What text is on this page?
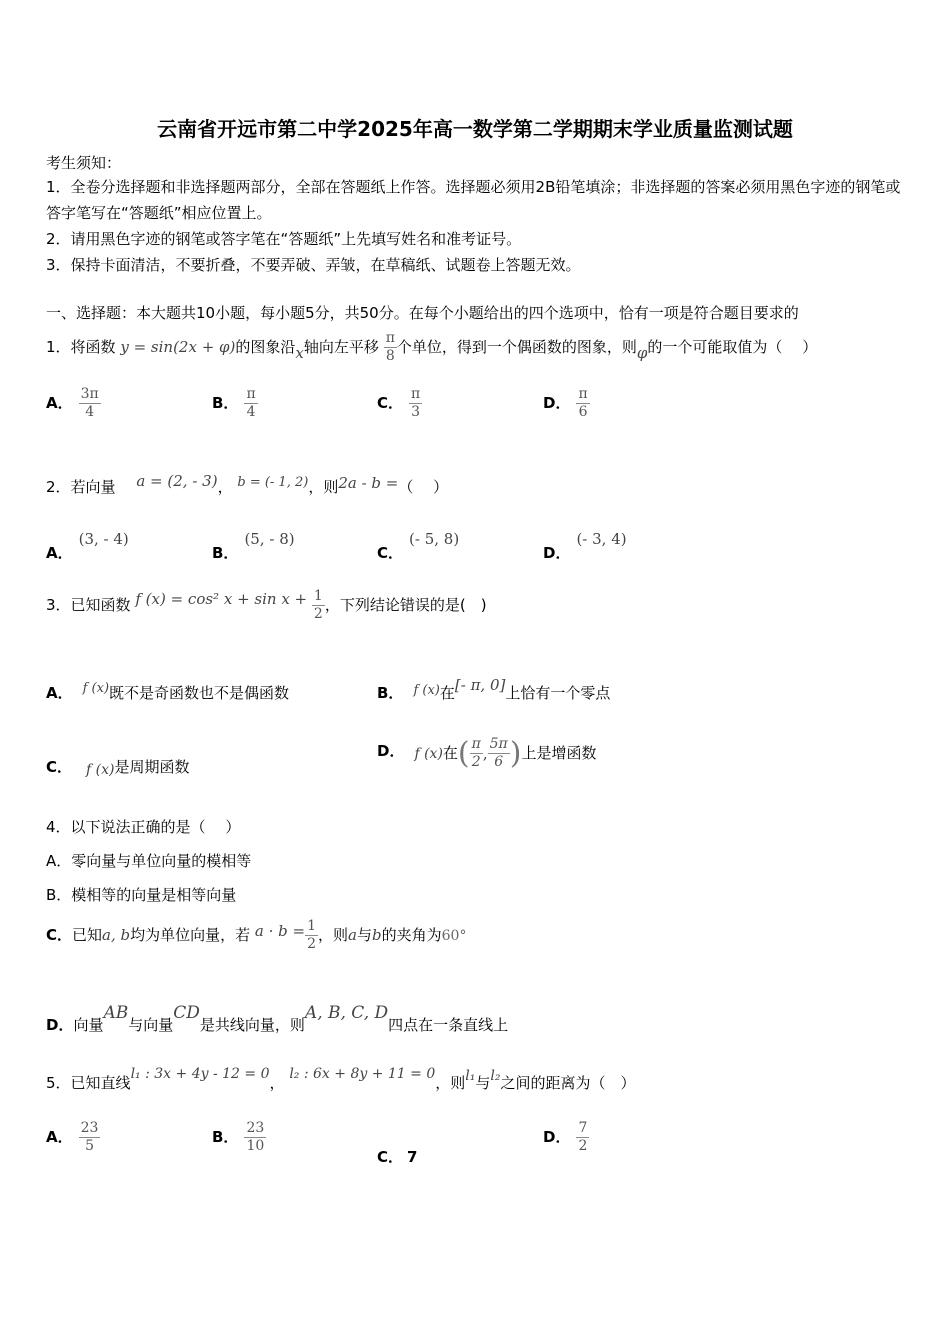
云南省开远市第二中学2025年高一数学第二学期期末学业质量监测试题
考生须知：
1．全卷分选择题和非选择题两部分，全部在答题纸上作答。选择题必须用2B铅笔填涂；非选择题的答案必须用黑色字迹的钢笔或答字笔写在“答题纸”相应位置上。
2．请用黑色字迹的钢笔或答字笔在“答题纸”上先填写姓名和准考证号。
3．保持卡面清洁，不要折叠，不要弄破、弄皱，在草稿纸、试题卷上答题无效。
一、选择题：本大题共10小题，每小题5分，共50分。在每个小题给出的四个选项中，恰有一项是符合题目要求的
1．将函数 y = sin(2x + φ)的图象沿x轴向左平移 $\frac{\pi}{8}$ 个单位，得到一个偶函数的图象，则φ的一个可能取值为（　 ）
A． $\frac{3\pi}{4}$	B． $\frac{\pi}{4}$	C． $\frac{\pi}{3}$	D． $\frac{\pi}{6}$
2．若向量 a = (2, - 3)， b = (- 1, 2)，则2a - b =（　 ）
A．(3, - 4)
B．(5, - 8)
C．(- 5, 8)
D．(- 3, 4)
3．已知函数 f (x) = cos² $x + \sin x + \frac{1}{2}$ ，下列结论错误的是(　)
A． f (x)既不是奇函数也不是偶函数	B． f (x)在[- π, 0]上恰有一个零点
C． f (x)是周期函数
D． f (x)在( $\frac{\pi}{2}$ , $\frac{5\pi}{6}$ )上是增函数
4．以下说法正确的是（　 ）
A．零向量与单位向量的模相等
B．模相等的向量是相等向量
C．已知a, b均为单位向量，若 $a \cdot b = \frac{1}{2}$ ，则a与b的夹角为60°
D．向量AB与向量CD是共线向量，则A, B, C, D四点在一条直线上
5．已知直线l₁ : 3x + 4y - 12 = 0， l₂ : 6x + 8y + 11 = 0，则l₁与l₂之间的距离为（　）
A． $\frac{23}{5}$	B． $\frac{23}{10}$
C． 7
D． $\frac{7}{2}$
